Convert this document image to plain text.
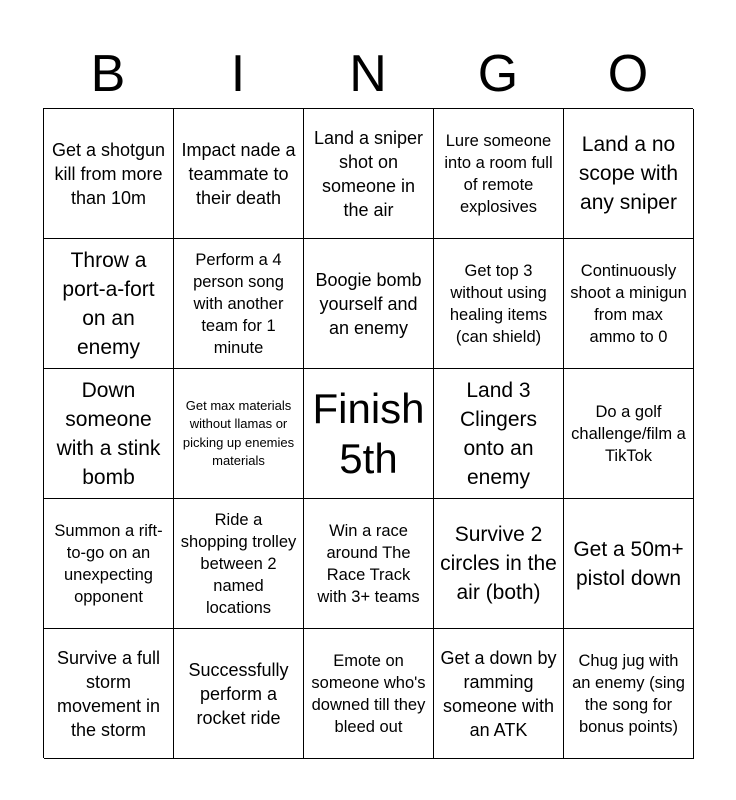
B	I	N	G	O
Get a shotgun kill from more than 10m
Impact nade a teammate to their death
Land a sniper shot on someone in the air
Lure someone into a room full of remote explosives
Land a no scope with any sniper
Throw a port-a-fort on an enemy
Perform a 4 person song with another team for 1 minute
Boogie bomb yourself and an enemy
Get top 3 without using healing items (can shield)
Continuously shoot a minigun from max ammo to 0
Down someone with a stink bomb
Get max materials without llamas or picking up enemies materials
Finish 5th
Land 3 Clingers onto an enemy
Do a golf challenge/film a TikTok
Summon a rift-to-go on an unexpecting opponent
Ride a shopping trolley between 2 named locations
Win a race around The Race Track with 3+ teams
Survive 2 circles in the air (both)
Get a 50m+ pistol down
Survive a full storm movement in the storm
Successfully perform a rocket ride
Emote on someone who's downed till they bleed out
Get a down by ramming someone with an ATK
Chug jug with an enemy (sing the song for bonus points)
